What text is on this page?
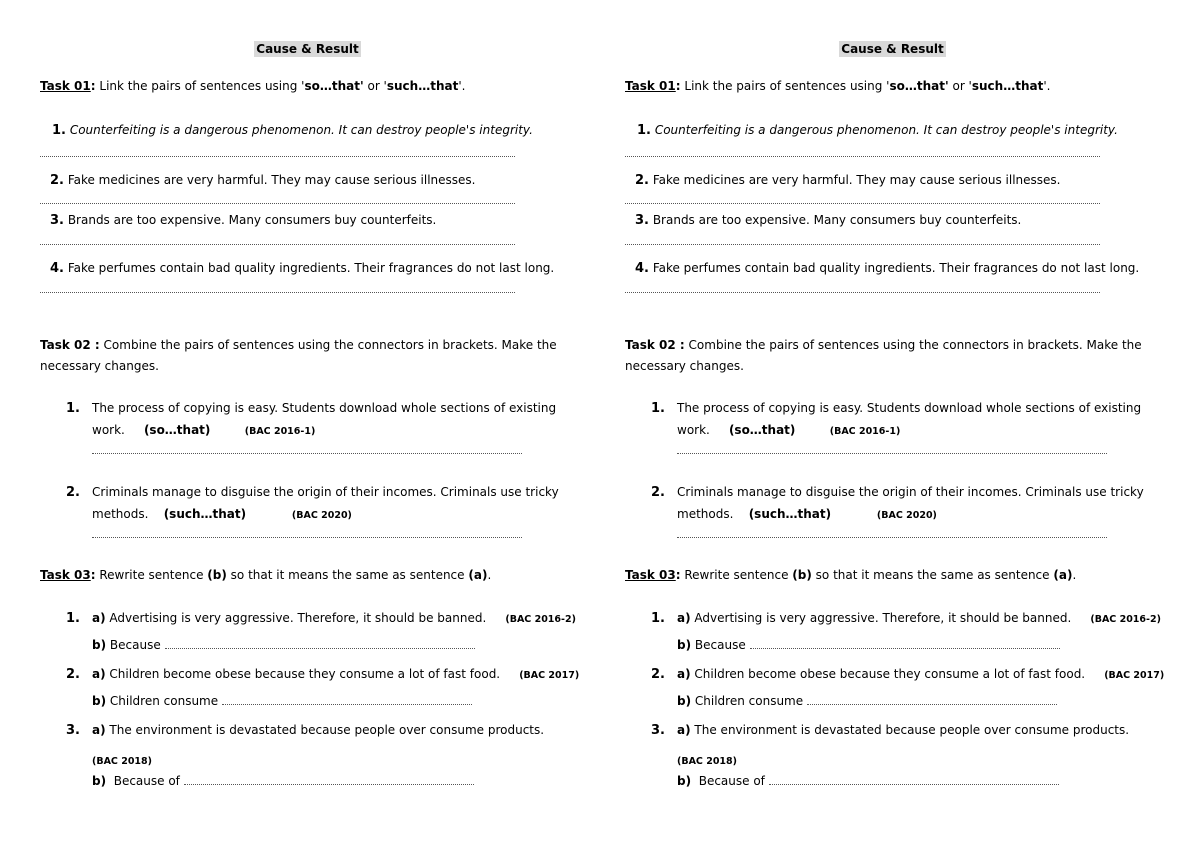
Cause & Result
Task 01: Link the pairs of sentences using 'so…that' or 'such…that'.
1. Counterfeiting is a dangerous phenomenon. It can destroy people's integrity.
2. Fake medicines are very harmful. They may cause serious illnesses.
3. Brands are too expensive. Many consumers buy counterfeits.
4. Fake perfumes contain bad quality ingredients. Their fragrances do not last long.
Task 02 : Combine the pairs of sentences using the connectors in brackets. Make the
necessary changes.
1. The process of copying is easy. Students download whole sections of existing
work. (so…that)	(BAC 2016-1)
2. Criminals manage to disguise the origin of their incomes. Criminals use tricky
methods. (such…that)	(BAC 2020)
Task 03: Rewrite sentence (b) so that it means the same as sentence (a).
1. a) Advertising is very aggressive. Therefore, it should be banned. (BAC 2016-2)
b) Because
2. a) Children become obese because they consume a lot of fast food. (BAC 2017)
b) Children consume
3. a) The environment is devastated because people over consume products.
(BAC 2018)
b) Because of
Cause & Result
Task 01: Link the pairs of sentences using 'so…that' or 'such…that'.
1. Counterfeiting is a dangerous phenomenon. It can destroy people's integrity.
2. Fake medicines are very harmful. They may cause serious illnesses.
3. Brands are too expensive. Many consumers buy counterfeits.
4. Fake perfumes contain bad quality ingredients. Their fragrances do not last long.
Task 02 : Combine the pairs of sentences using the connectors in brackets. Make the
necessary changes.
1. The process of copying is easy. Students download whole sections of existing
work. (so…that)	(BAC 2016-1)
2. Criminals manage to disguise the origin of their incomes. Criminals use tricky
methods. (such…that)	(BAC 2020)
Task 03: Rewrite sentence (b) so that it means the same as sentence (a).
1. a) Advertising is very aggressive. Therefore, it should be banned. (BAC 2016-2)
b) Because
2. a) Children become obese because they consume a lot of fast food. (BAC 2017)
b) Children consume
3. a) The environment is devastated because people over consume products.
(BAC 2018)
b) Because of
